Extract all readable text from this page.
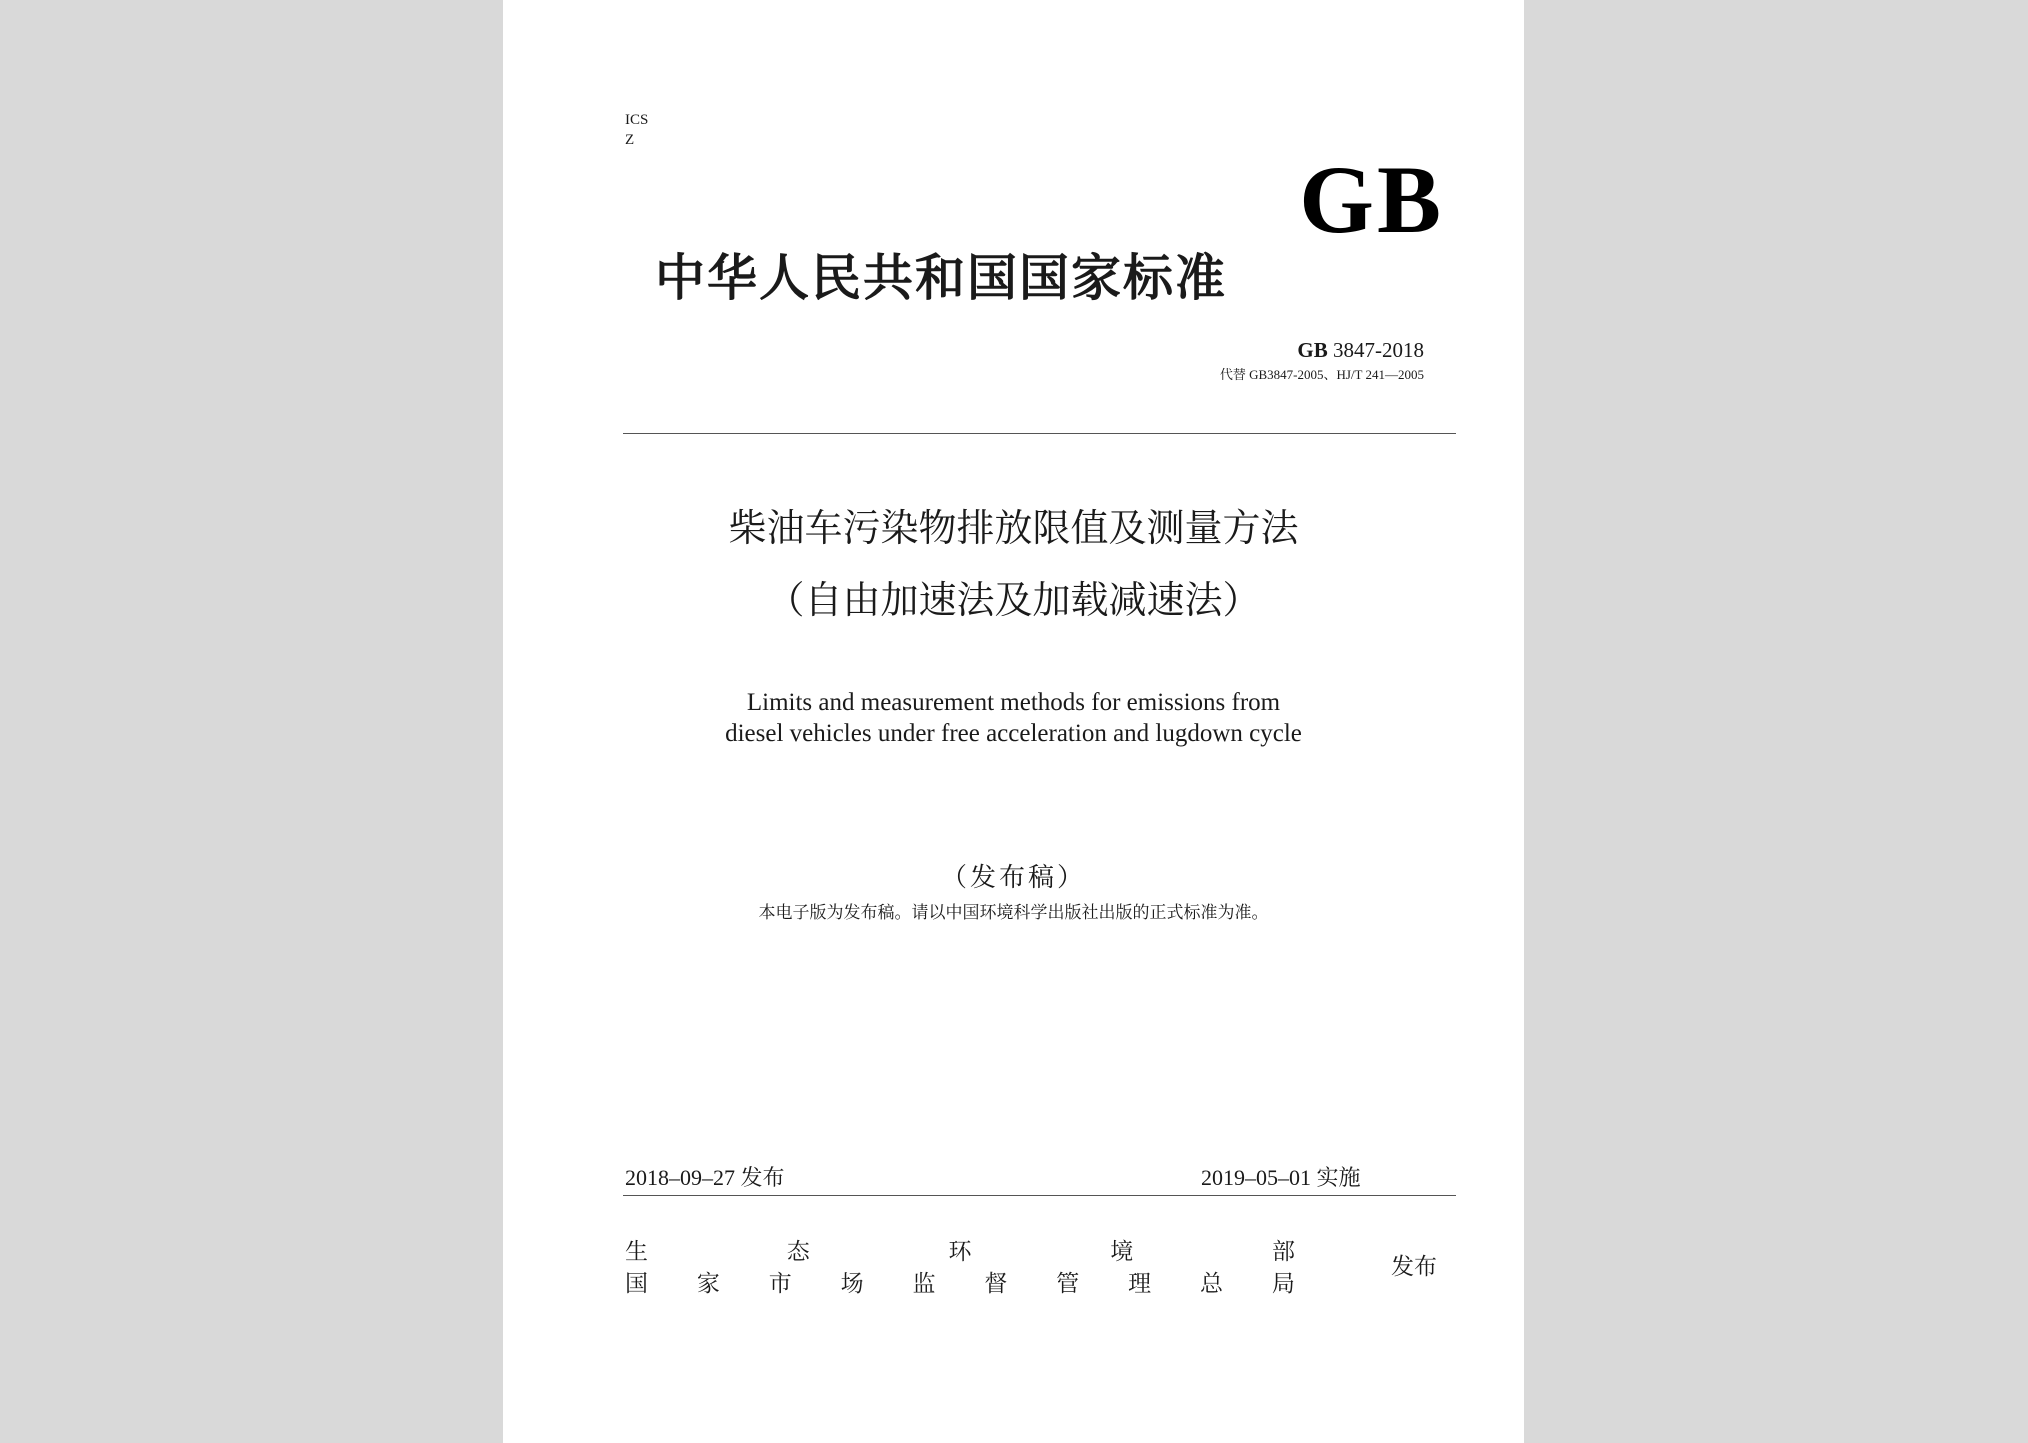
ICS
Z
GB
中华人民共和国国家标准
GB 3847-2018
代替 GB3847-2005、HJ/T 241—2005
柴油车污染物排放限值及测量方法
（自由加速法及加载减速法）
Limits and measurement methods for emissions from
diesel vehicles under free acceleration and lugdown cycle
（发布稿）
本电子版为发布稿。请以中国环境科学出版社出版的正式标准为准。
2018–09–27 发布	2019–05–01 实施
生	态	环	境	部
国 家 市 场 监 督 管 理 总 局
发布
